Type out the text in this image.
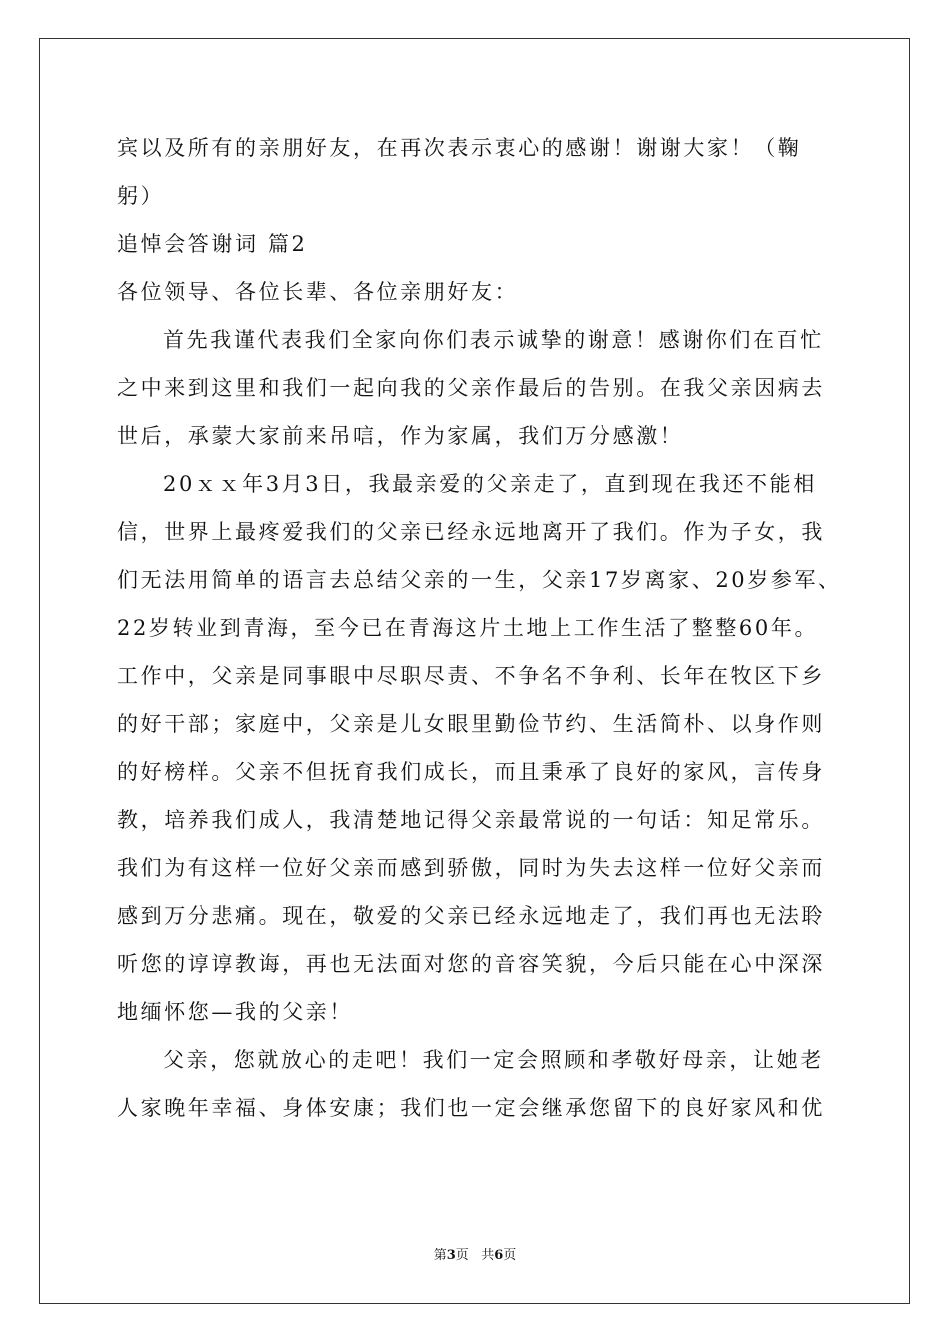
宾以及所有的亲朋好友，在再次表示衷心的感谢！谢谢大家！（鞠
躬）
追悼会答谢词 篇2
各位领导、各位长辈、各位亲朋好友：
首先我谨代表我们全家向你们表示诚挚的谢意！感谢你们在百忙
之中来到这里和我们一起向我的父亲作最后的告别。在我父亲因病去
世后，承蒙大家前来吊唁，作为家属，我们万分感激！
20ｘｘ年3月3日，我最亲爱的父亲走了，直到现在我还不能相
信，世界上最疼爱我们的父亲已经永远地离开了我们。作为子女，我
们无法用简单的语言去总结父亲的一生，父亲17岁离家、20岁参军、
22岁转业到青海，至今已在青海这片土地上工作生活了整整60年。
工作中，父亲是同事眼中尽职尽责、不争名不争利、长年在牧区下乡
的好干部；家庭中，父亲是儿女眼里勤俭节约、生活简朴、以身作则
的好榜样。父亲不但抚育我们成长，而且秉承了良好的家风，言传身
教，培养我们成人，我清楚地记得父亲最常说的一句话：知足常乐。
我们为有这样一位好父亲而感到骄傲，同时为失去这样一位好父亲而
感到万分悲痛。现在，敬爱的父亲已经永远地走了，我们再也无法聆
听您的谆谆教诲，再也无法面对您的音容笑貌，今后只能在心中深深
地缅怀您—我的父亲！
父亲，您就放心的走吧！我们一定会照顾和孝敬好母亲，让她老
人家晚年幸福、身体安康；我们也一定会继承您留下的良好家风和优
第3页 共6页
